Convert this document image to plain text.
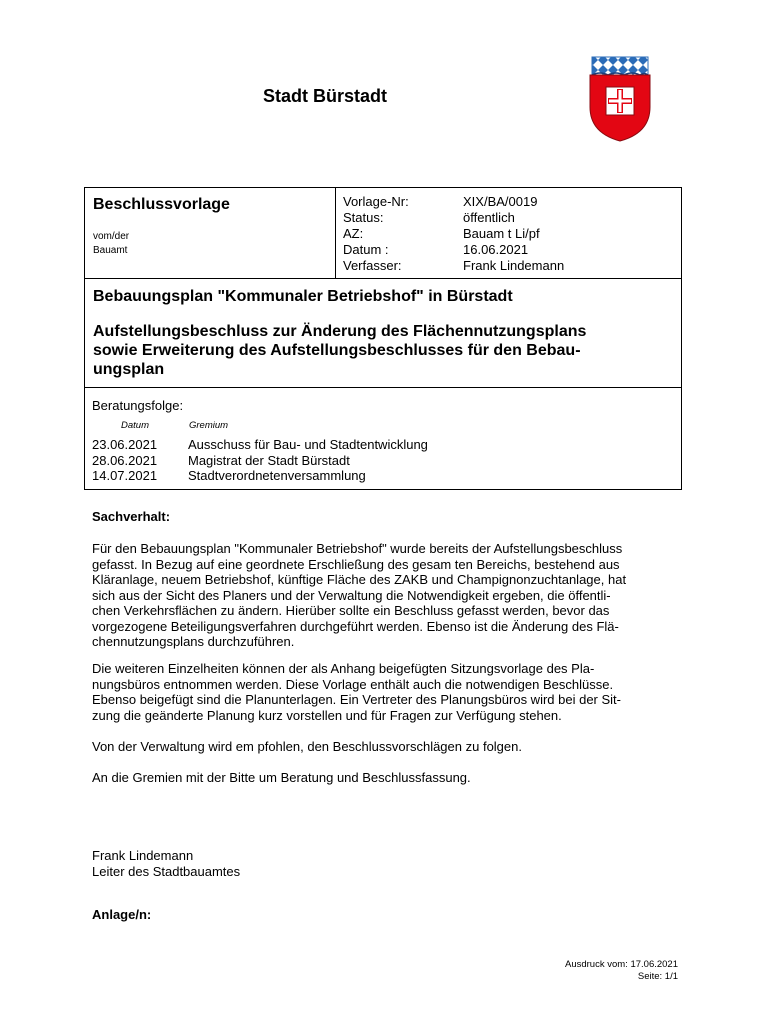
Stadt Bürstadt
Beschlussvorlage
vom/der
Bauamt
Vorlage-Nr:	XIX/BA/0019
Status:	öffentlich
AZ:	Bauam t Li/pf
Datum :	16.06.2021
Verfasser:	Frank Lindemann
Bebauungsplan "Kommunaler Betriebshof" in Bürstadt
Aufstellungsbeschluss zur Änderung des Flächennutzungsplans
sowie Erweiterung des Aufstellungsbeschlusses für den Bebau-
ungsplan
Beratungsfolge:
Datum	Gremium
23.06.2021	Ausschuss für Bau- und Stadtentwicklung
28.06.2021	Magistrat der Stadt Bürstadt
14.07.2021	Stadtverordnetenversammlung
Sachverhalt:
Für den Bebauungsplan "Kommunaler Betriebshof" wurde bereits der Aufstellungsbeschluss
gefasst. In Bezug auf eine geordnete Erschließung des gesam ten Bereichs, bestehend aus
Kläranlage, neuem Betriebshof, künftige Fläche des ZAKB und Champignonzuchtanlage, hat
sich aus der Sicht des Planers und der Verwaltung die Notwendigkeit ergeben, die öffentli-
chen Verkehrsflächen zu ändern. Hierüber sollte ein Beschluss gefasst werden, bevor das
vorgezogene Beteiligungsverfahren durchgeführt werden. Ebenso ist die Änderung des Flä-
chennutzungsplans durchzuführen.
Die weiteren Einzelheiten können der als Anhang beigefügten Sitzungsvorlage des Pla-
nungsbüros entnommen werden. Diese Vorlage enthält auch die notwendigen Beschlüsse.
Ebenso beigefügt sind die Planunterlagen. Ein Vertreter des Planungsbüros wird bei der Sit-
zung die geänderte Planung kurz vorstellen und für Fragen zur Verfügung stehen.
Von der Verwaltung wird em pfohlen, den Beschlussvorschlägen zu folgen.
An die Gremien mit der Bitte um Beratung und Beschlussfassung.
Frank Lindemann
Leiter des Stadtbauamtes
Anlage/n:
Ausdruck vom: 17.06.2021
Seite: 1/1
